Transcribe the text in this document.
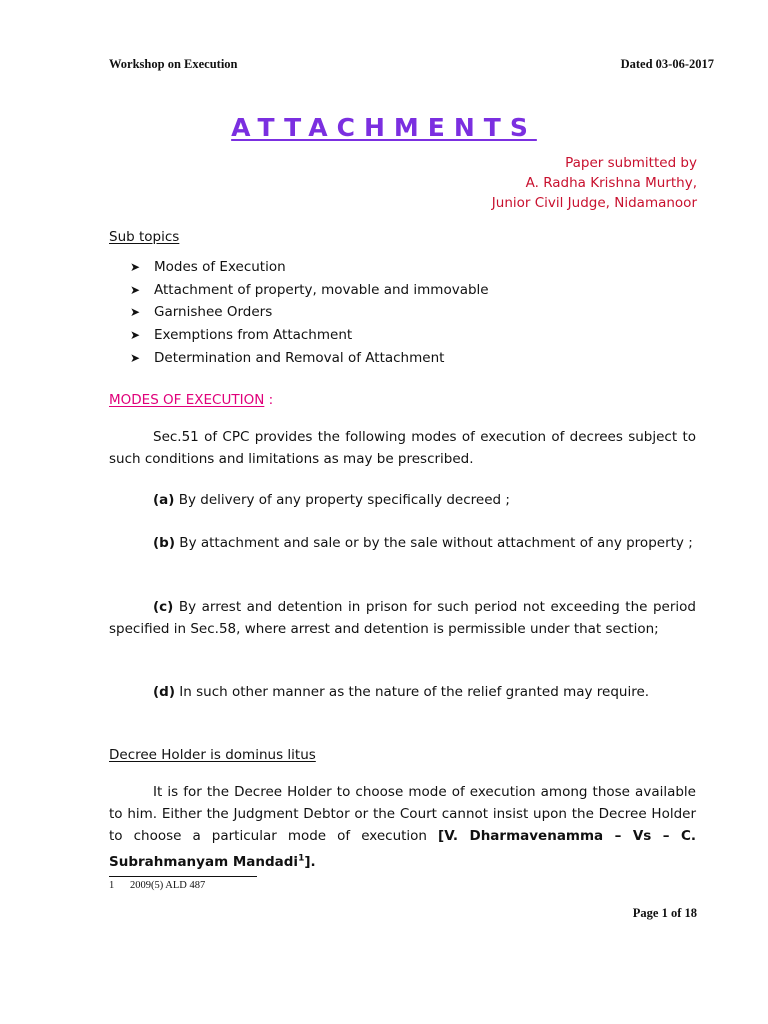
Workshop on Execution	Dated 03-06-2017
ATTACHMENTS
Paper submitted by
A. Radha Krishna Murthy,
Junior Civil Judge, Nidamanoor
Sub topics
➤ Modes of Execution
➤ Attachment of property, movable and immovable
➤ Garnishee Orders
➤ Exemptions from Attachment
➤ Determination and Removal of Attachment
MODES OF EXECUTION :

Sec.51 of CPC provides the following modes of execution of decrees subject to such conditions and limitations as may be prescribed.

(a) By delivery of any property specifically decreed ;

(b) By attachment and sale or by the sale without attachment of any property ;

(c) By arrest and detention in prison for such period not exceeding the period specified in Sec.58, where arrest and detention is permissible under that section;

(d) In such other manner as the nature of the relief granted may require.

Decree Holder is dominus litus

It is for the Decree Holder to choose mode of execution among those available to him. Either the Judgment Debtor or the Court cannot insist upon the Decree Holder to choose a particular mode of execution [V. Dharmavenamma – Vs – C. Subrahmanyam Mandadi$^1$].

1 2009(5) ALD 487
Page 1 of 18
